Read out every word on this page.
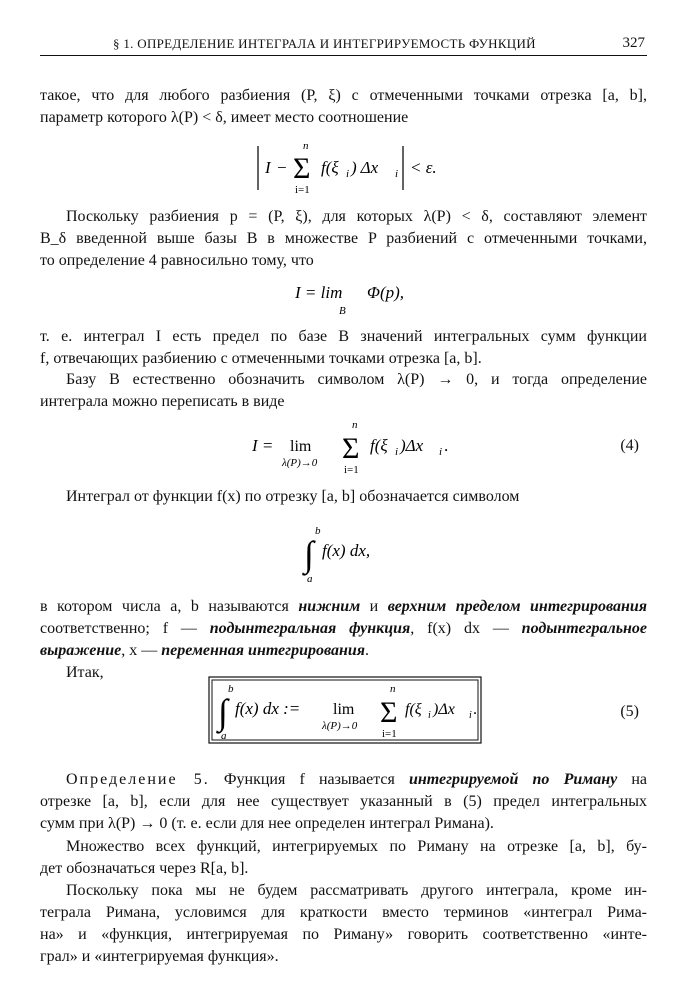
§ 1. ОПРЕДЕЛЕНИЕ ИНТЕГРАЛА И ИНТЕГРИРУЕМОСТЬ ФУНКЦИЙ	327
такое, что для любого разбиения (P, ξ) с отмеченными точками отрезка [a, b],
параметр которого λ(P) < δ, имеет место соотношение
I −
n
Σ
i=1
f(ξ i ) Δx i < ε.
Поскольку разбиения p = (P, ξ), для которых λ(P) < δ, составляют элемент
B_δ введенной выше базы B в множестве P разбиений с отмеченными точками,
то определение 4 равносильно тому, что
I = lim
B
Φ(p),
т. е. интеграл I есть предел по базе B значений интегральных сумм функции
f, отвечающих разбиению с отмеченными точками отрезка [a, b].
Базу B естественно обозначить символом λ(P) → 0, и тогда определение
интеграла можно переписать в виде
I = lim
λ(P)→0
n
Σ
i=1
f(ξ i )Δx i .	(4)
Интеграл от функции f(x) по отрезку [a, b] обозначается символом
b
∫
a
f(x) dx,
в котором числа a, b называются нижним и верхним пределом интегрирования
соответственно; f — подынтегральная функция, f(x) dx — подынтегральное
выражение, x — переменная интегрирования.
Итак,
b
∫
a
f(x) dx := lim
λ(P)→0
n
Σ
i=1
f(ξ i )Δx i .	(5)
Определение 5. Функция f называется интегрируемой по Риману на
отрезке [a, b], если для нее существует указанный в (5) предел интегральных
сумм при λ(P) → 0 (т. е. если для нее определен интеграл Римана).
Множество всех функций, интегрируемых по Риману на отрезке [a, b], бу-
дет обозначаться через R[a, b].
Поскольку пока мы не будем рассматривать другого интеграла, кроме ин-
теграла Римана, условимся для краткости вместо терминов «интеграл Рима-
на» и «функция, интегрируемая по Риману» говорить соответственно «инте-
грал» и «интегрируемая функция».
